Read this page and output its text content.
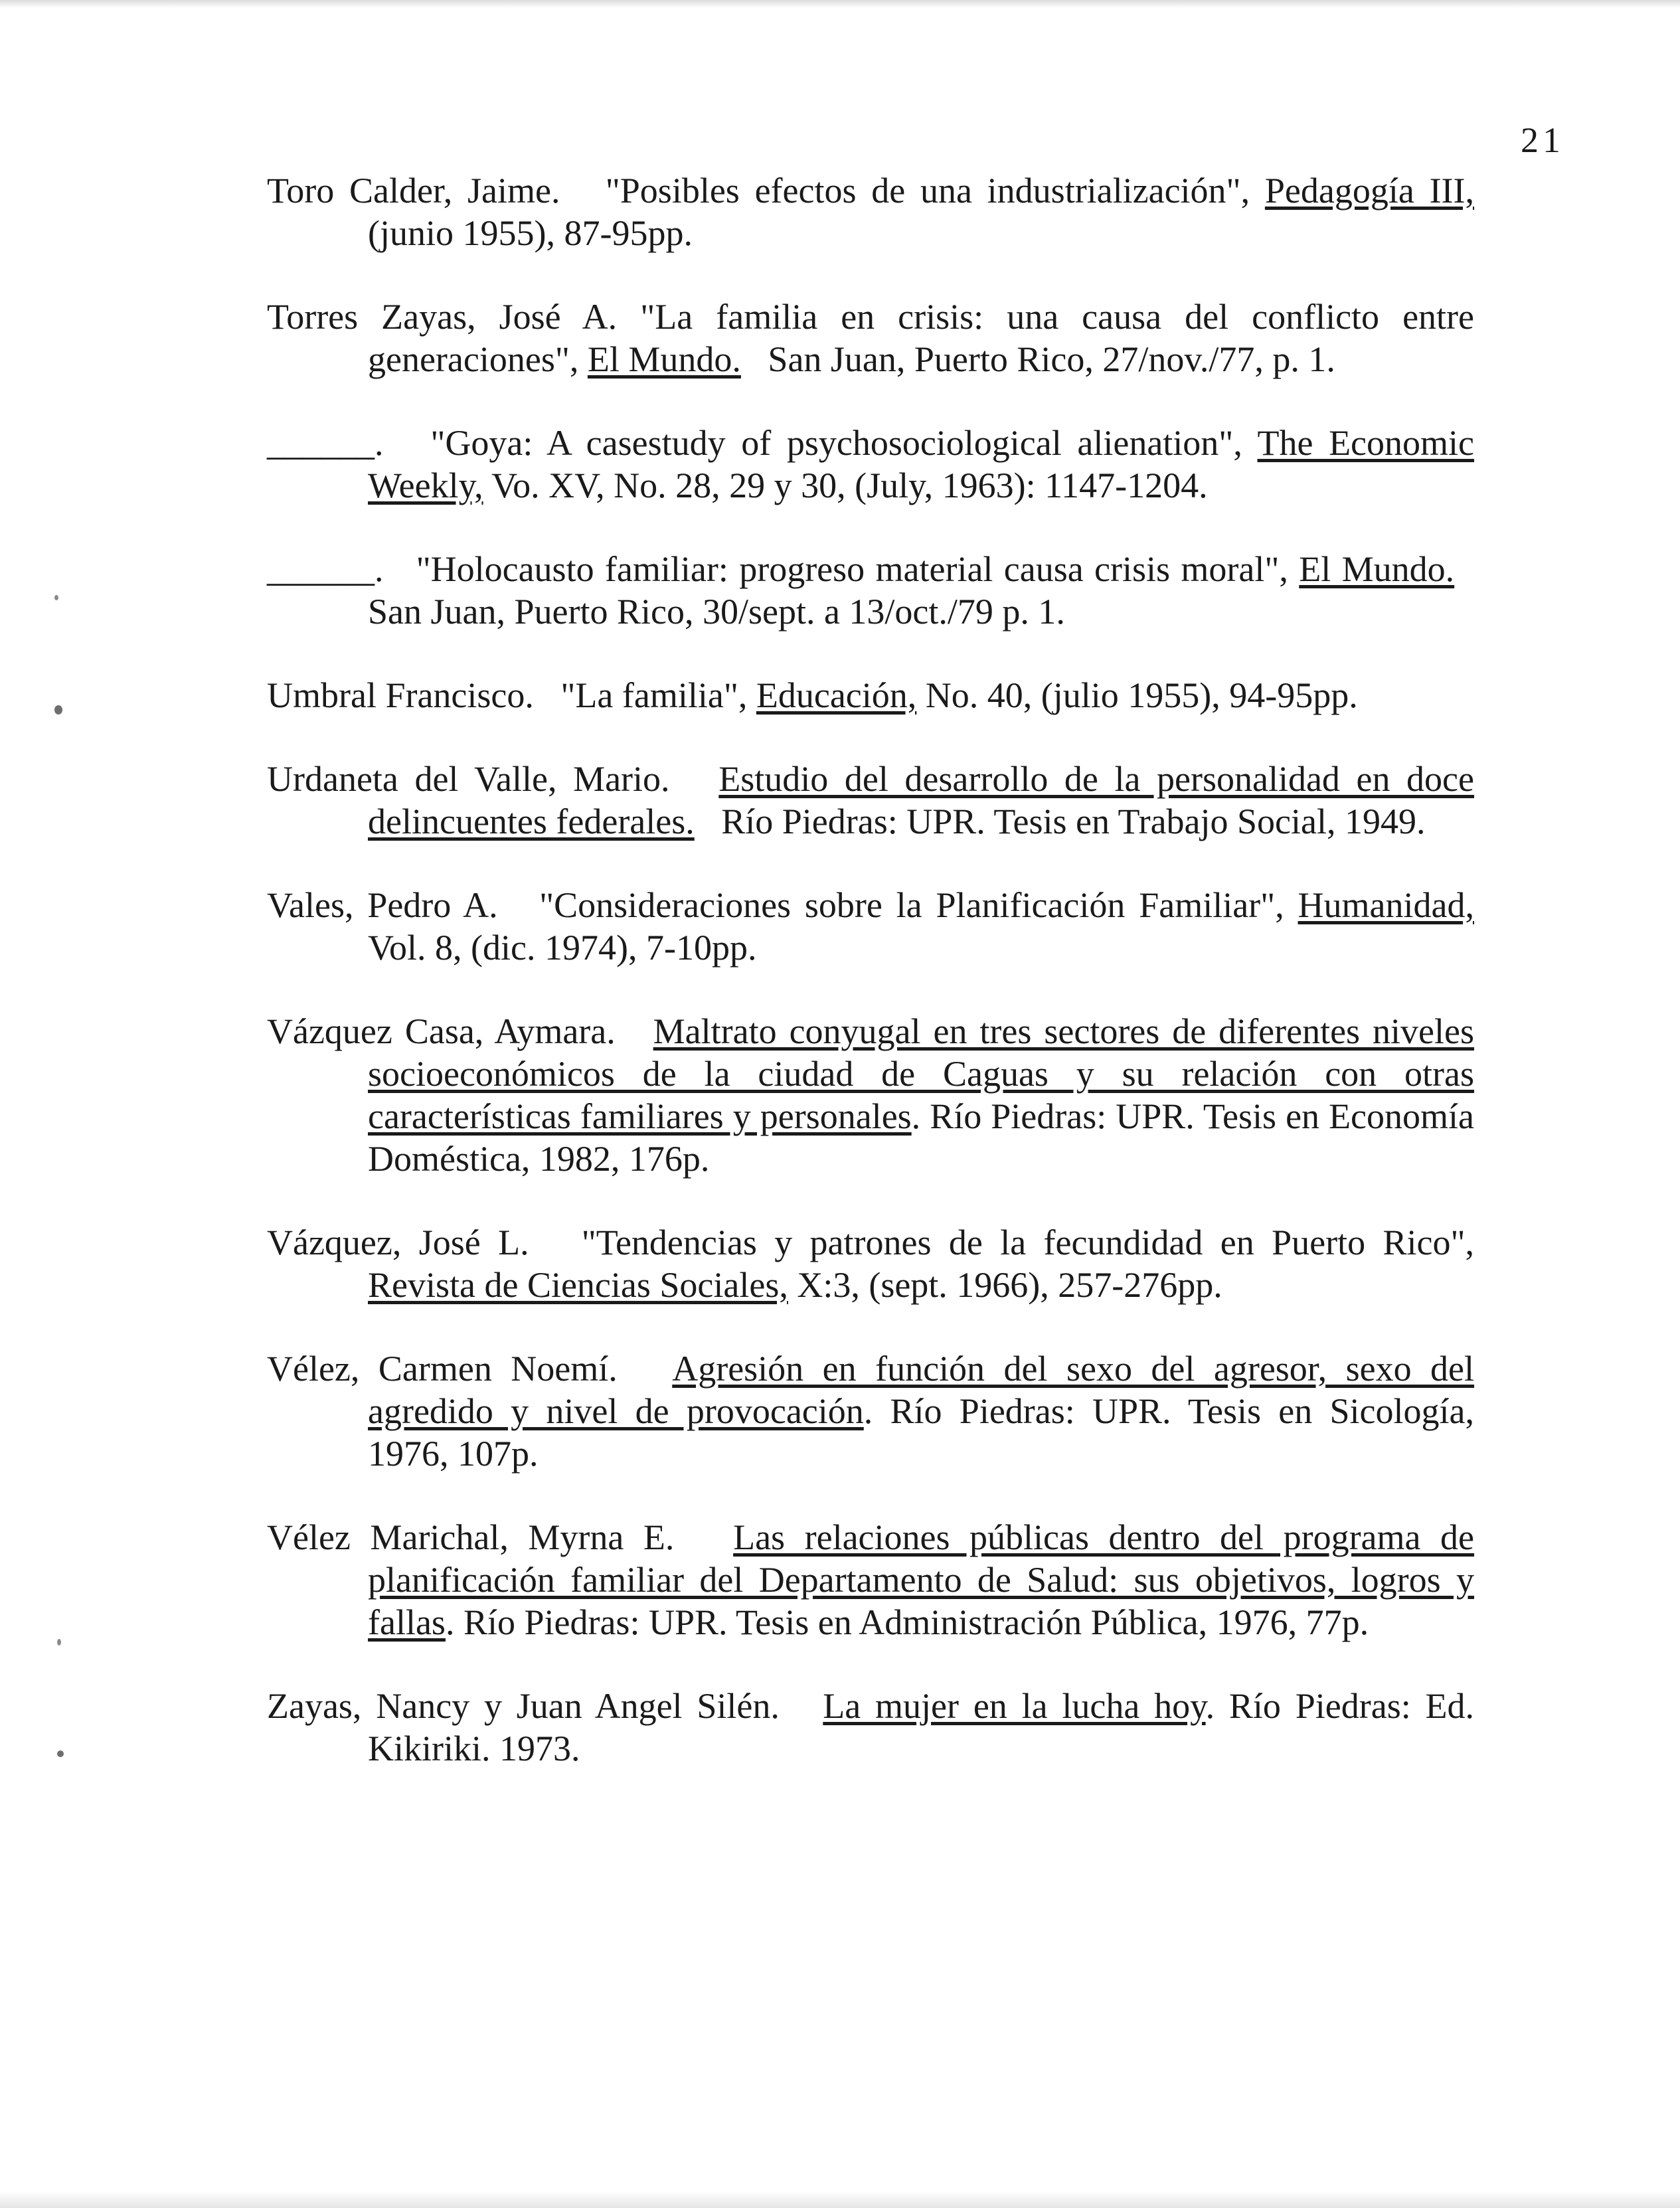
21

Toro Calder, Jaime. "Posibles efectos de una industrialización", Pedagogía III, (junio 1955), 87-95pp.

Torres Zayas, José A. "La familia en crisis: una causa del conflicto entre generaciones", El Mundo. San Juan, Puerto Rico, 27/nov./77, p. 1.

______. "Goya: A casestudy of psychosociological alienation", The Economic Weekly, Vo. XV, No. 28, 29 y 30, (July, 1963): 1147-1204.

______. "Holocausto familiar: progreso material causa crisis moral", El Mundo.   San Juan, Puerto Rico, 30/sept. a 13/oct./79 p. 1.

Umbral Francisco. "La familia", Educación, No. 40, (julio 1955), 94-95pp.

Urdaneta del Valle, Mario. Estudio del desarrollo de la personalidad en doce delincuentes federales. Río Piedras: UPR. Tesis en Trabajo Social, 1949.

Vales, Pedro A. "Consideraciones sobre la Planificación Familiar", Humanidad, Vol. 8, (dic. 1974), 7-10pp.

Vázquez Casa, Aymara. Maltrato conyugal en tres sectores de diferentes niveles socioeconómicos de la ciudad de Caguas y su relación con otras características familiares y personales. Río Piedras: UPR. Tesis en Economía Doméstica, 1982, 176p.

Vázquez, José L. "Tendencias y patrones de la fecundidad en Puerto Rico", Revista de Ciencias Sociales, X:3, (sept. 1966), 257-276pp.

Vélez, Carmen Noemí. Agresión en función del sexo del agresor, sexo del agredido y nivel de provocación. Río Piedras: UPR. Tesis en Sicología, 1976, 107p.

Vélez Marichal, Myrna E. Las relaciones públicas dentro del programa de planificación familiar del Departamento de Salud: sus objetivos, logros y fallas. Río Piedras: UPR. Tesis en Administración Pública, 1976, 77p.

Zayas, Nancy y Juan Angel Silén. La mujer en la lucha hoy. Río Piedras: Ed. Kikiriki. 1973.
